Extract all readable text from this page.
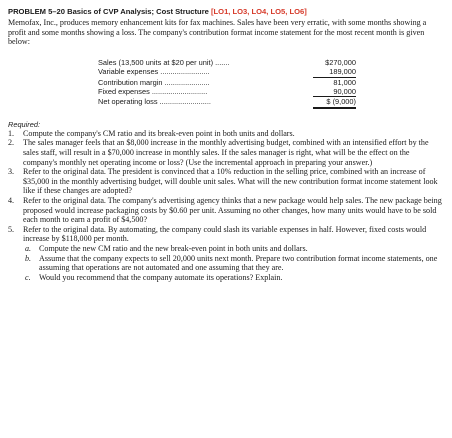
PROBLEM 5–20 Basics of CVP Analysis; Cost Structure [LO1, LO3, LO4, LO5, LO6]
Memofax, Inc., produces memory enhancement kits for fax machines. Sales have been very erratic, with some months showing a profit and some months showing a loss. The company's contribution format income statement for the most recent month is given below:
Sales (13,500 units at $20 per unit) .......	$270,000
Variable expenses ........................	189,000
Contribution margin ......................	81,000
Fixed expenses ...........................	90,000
Net operating loss .........................	$ (9,000)
Required:
1. Compute the company's CM ratio and its break-even point in both units and dollars.
2. The sales manager feels that an $8,000 increase in the monthly advertising budget, combined with an intensified effort by the sales staff, will result in a $70,000 increase in monthly sales. If the sales manager is right, what will be the effect on the company's monthly net operating income or loss? (Use the incremental approach in preparing your answer.)
3. Refer to the original data. The president is convinced that a 10% reduction in the selling price, combined with an increase of $35,000 in the monthly advertising budget, will double unit sales. What will the new contribution format income statement look like if these changes are adopted?
4. Refer to the original data. The company's advertising agency thinks that a new package would help sales. The new package being proposed would increase packaging costs by $0.60 per unit. Assuming no other changes, how many units would have to be sold each month to earn a profit of $4,500?
5. Refer to the original data. By automating, the company could slash its variable expenses in half. However, fixed costs would increase by $118,000 per month.
a. Compute the new CM ratio and the new break-even point in both units and dollars.
b. Assume that the company expects to sell 20,000 units next month. Prepare two contribution format income statements, one assuming that operations are not automated and one assuming that they are.
c. Would you recommend that the company automate its operations? Explain.
